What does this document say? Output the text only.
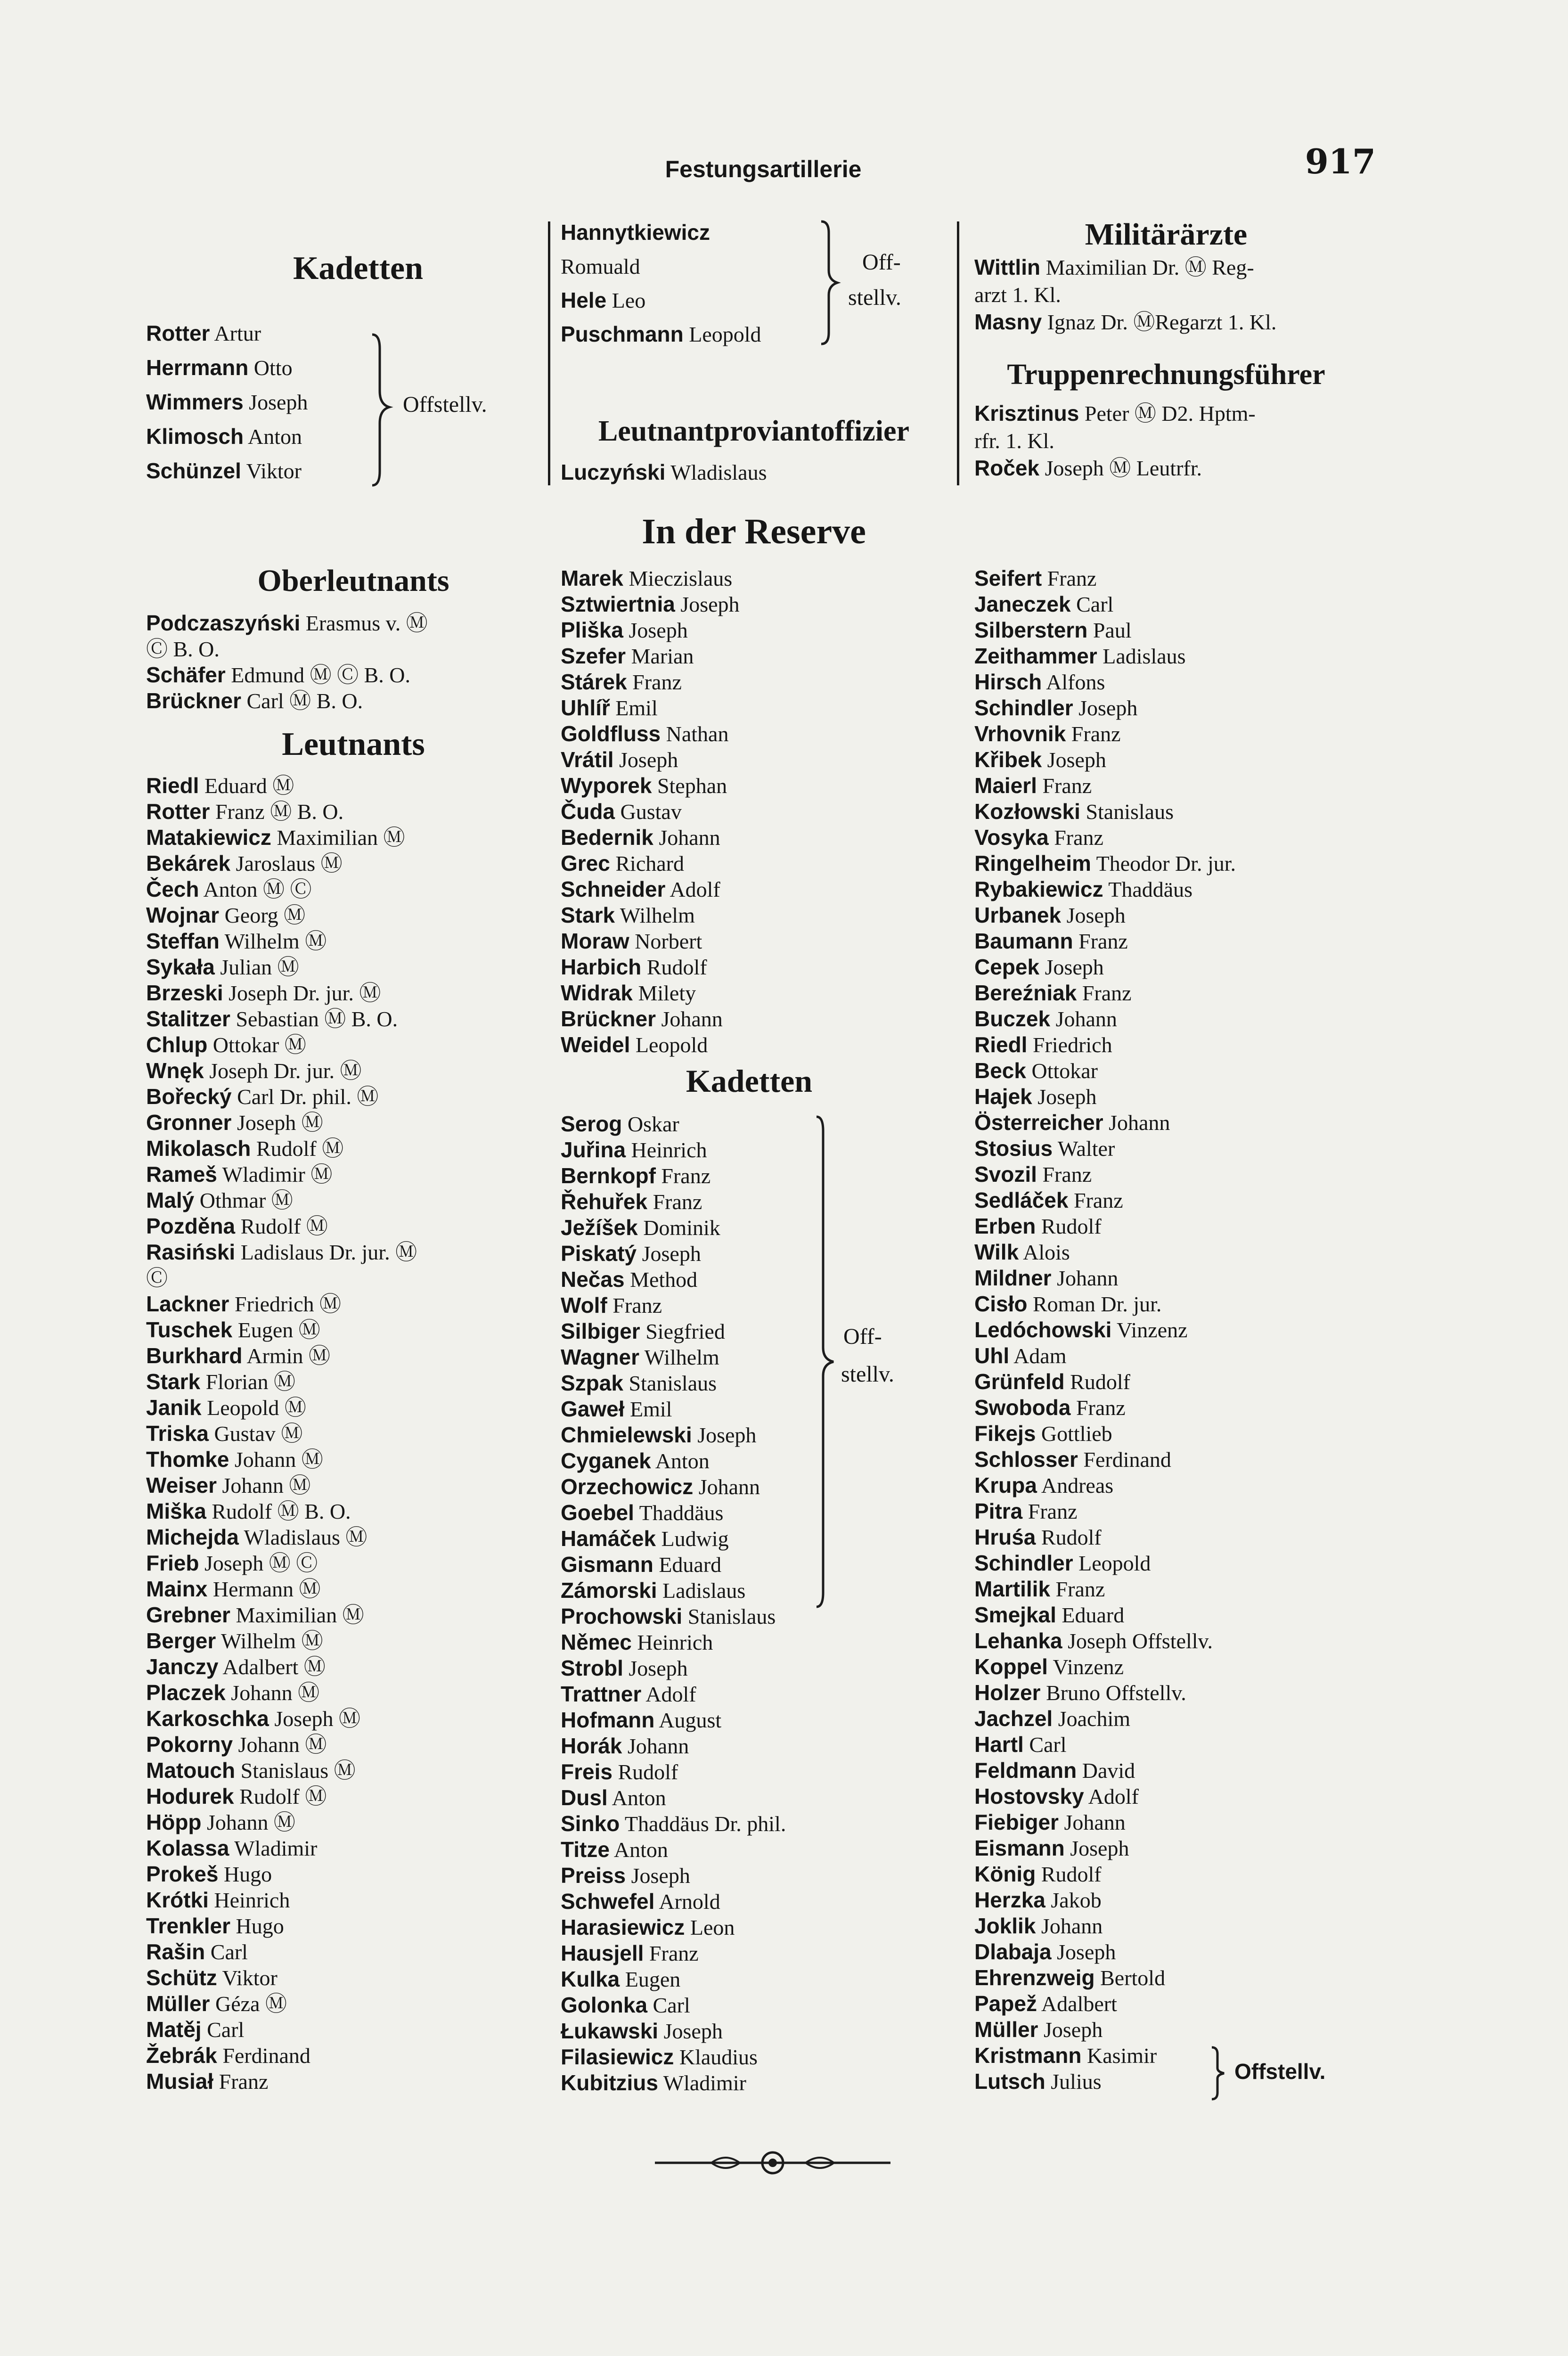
Festungsartillerie	917
Kadetten
Leutnantproviantoffizier
Militärärzte
Truppenrechnungsführer
In der Reserve
Oberleutnants
Leutnants
Kadetten
Offstellv.
Off-
stellv.
Off-
stellv.
Offstellv.
Rotter Artur
Herrmann Otto
Wimmers Joseph
Klimosch Anton
Schünzel Viktor
Hannytkiewicz
Romuald
Hele Leo
Puschmann Leopold
Luczyński Wladislaus
Wittlin Maximilian Dr. Ⓜ Reg-
arzt 1. Kl.
Masny Ignaz Dr. ⓂRegarzt 1. Kl.
Krisztinus Peter Ⓜ D2. Hptm-
rfr. 1. Kl.
Roček Joseph Ⓜ Leutrfr.
Podczaszyński Erasmus v. Ⓜ
Ⓒ B. O.
Schäfer Edmund Ⓜ Ⓒ B. O.
Brückner Carl Ⓜ B. O.
Riedl Eduard Ⓜ
Rotter Franz Ⓜ B. O.
Matakiewicz Maximilian Ⓜ
Bekárek Jaroslaus Ⓜ
Čech Anton Ⓜ Ⓒ
Wojnar Georg Ⓜ
Steffan Wilhelm Ⓜ
Sykała Julian Ⓜ
Brzeski Joseph Dr. jur. Ⓜ
Stalitzer Sebastian Ⓜ B. O.
Chlup Ottokar Ⓜ
Wnęk Joseph Dr. jur. Ⓜ
Bořecký Carl Dr. phil. Ⓜ
Gronner Joseph Ⓜ
Mikolasch Rudolf Ⓜ
Rameš Wladimir Ⓜ
Malý Othmar Ⓜ
Pozděna Rudolf Ⓜ
Rasiński Ladislaus Dr. jur. Ⓜ
Ⓒ
Lackner Friedrich Ⓜ
Tuschek Eugen Ⓜ
Burkhard Armin Ⓜ
Stark Florian Ⓜ
Janik Leopold Ⓜ
Triska Gustav Ⓜ
Thomke Johann Ⓜ
Weiser Johann Ⓜ
Miška Rudolf Ⓜ B. O.
Michejda Wladislaus Ⓜ
Frieb Joseph Ⓜ Ⓒ
Mainx Hermann Ⓜ
Grebner Maximilian Ⓜ
Berger Wilhelm Ⓜ
Janczy Adalbert Ⓜ
Placzek Johann Ⓜ
Karkoschka Joseph Ⓜ
Pokorny Johann Ⓜ
Matouch Stanislaus Ⓜ
Hodurek Rudolf Ⓜ
Höpp Johann Ⓜ
Kolassa Wladimir
Prokeš Hugo
Krótki Heinrich
Trenkler Hugo
Rašin Carl
Schütz Viktor
Müller Géza Ⓜ
Matěj Carl
Žebrák Ferdinand
Musiał Franz
Marek Mieczislaus
Sztwiertnia Joseph
Pliška Joseph
Szefer Marian
Stárek Franz
Uhlíř Emil
Goldfluss Nathan
Vrátil Joseph
Wyporek Stephan
Čuda Gustav
Bedernik Johann
Grec Richard
Schneider Adolf
Stark Wilhelm
Moraw Norbert
Harbich Rudolf
Widrak Milety
Brückner Johann
Weidel Leopold
Serog Oskar
Juřina Heinrich
Bernkopf Franz
Řehuřek Franz
Ježíšek Dominik
Piskatý Joseph
Nečas Method
Wolf Franz
Silbiger Siegfried
Wagner Wilhelm
Szpak Stanislaus
Gaweł Emil
Chmielewski Joseph
Cyganek Anton
Orzechowicz Johann
Goebel Thaddäus
Hamáček Ludwig
Gismann Eduard
Zámorski Ladislaus
Prochowski Stanislaus
Němec Heinrich
Strobl Joseph
Trattner Adolf
Hofmann August
Horák Johann
Freis Rudolf
Dusl Anton
Sinko Thaddäus Dr. phil.
Titze Anton
Preiss Joseph
Schwefel Arnold
Harasiewicz Leon
Hausjell Franz
Kulka Eugen
Golonka Carl
Łukawski Joseph
Filasiewicz Klaudius
Kubitzius Wladimir
Seifert Franz
Janeczek Carl
Silberstern Paul
Zeithammer Ladislaus
Hirsch Alfons
Schindler Joseph
Vrhovnik Franz
Křibek Joseph
Maierl Franz
Kozłowski Stanislaus
Vosyka Franz
Ringelheim Theodor Dr. jur.
Rybakiewicz Thaddäus
Urbanek Joseph
Baumann Franz
Cepek Joseph
Bereźniak Franz
Buczek Johann
Riedl Friedrich
Beck Ottokar
Hajek Joseph
Österreicher Johann
Stosius Walter
Svozil Franz
Sedláček Franz
Erben Rudolf
Wilk Alois
Mildner Johann
Cisło Roman Dr. jur.
Ledóchowski Vinzenz
Uhl Adam
Grünfeld Rudolf
Swoboda Franz
Fikejs Gottlieb
Schlosser Ferdinand
Krupa Andreas
Pitra Franz
Hruśa Rudolf
Schindler Leopold
Martilik Franz
Smejkal Eduard
Lehanka Joseph Offstellv.
Koppel Vinzenz
Holzer Bruno Offstellv.
Jachzel Joachim
Hartl Carl
Feldmann David
Hostovsky Adolf
Fiebiger Johann
Eismann Joseph
König Rudolf
Herzka Jakob
Joklik Johann
Dlabaja Joseph
Ehrenzweig Bertold
Papež Adalbert
Müller Joseph
Kristmann Kasimir
Lutsch Julius
